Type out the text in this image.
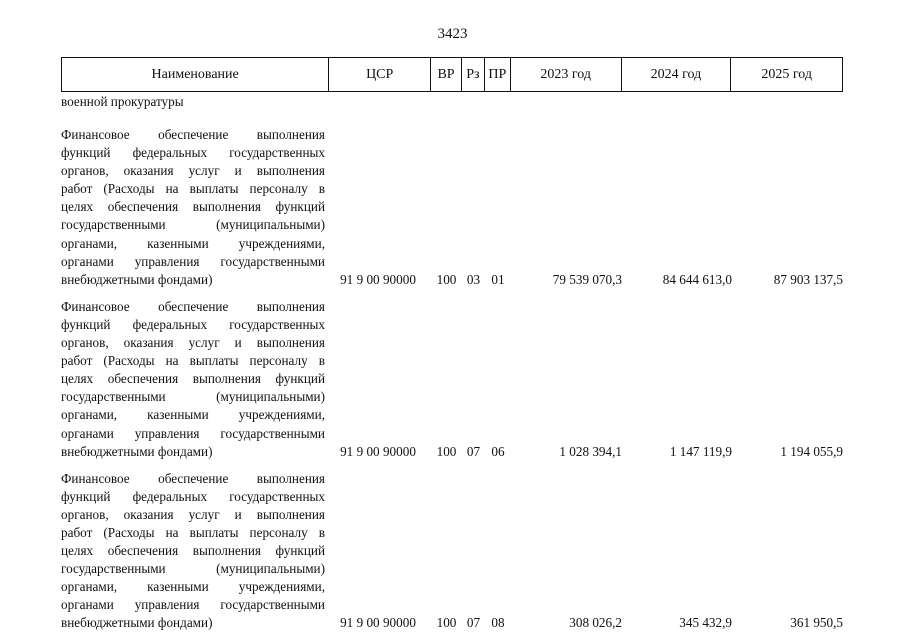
3423
Наименование	ЦСР	ВР Рз ПР	2023 год	2024 год	2025 год
военной прокуратуры
Финансовое обеспечение выполнения
функций федеральных государственных
органов, оказания услуг и выполнения
работ (Расходы на выплаты персоналу в
целях обеспечения выполнения функций
государственными (муниципальными)
органами, казенными учреждениями,
органами управления государственными
внебюджетными фондами)	91 9 00 90000	100 03 01	79 539 070,3	84 644 613,0	87 903 137,5
Финансовое обеспечение выполнения
функций федеральных государственных
органов, оказания услуг и выполнения
работ (Расходы на выплаты персоналу в
целях обеспечения выполнения функций
государственными (муниципальными)
органами, казенными учреждениями,
органами управления государственными
внебюджетными фондами)	91 9 00 90000	100 07 06	1 028 394,1	1 147 119,9	1 194 055,9
Финансовое обеспечение выполнения
функций федеральных государственных
органов, оказания услуг и выполнения
работ (Расходы на выплаты персоналу в
целях обеспечения выполнения функций
государственными (муниципальными)
органами, казенными учреждениями,
органами управления государственными
внебюджетными фондами)	91 9 00 90000	100 07 08	308 026,2	345 432,9	361 950,5
